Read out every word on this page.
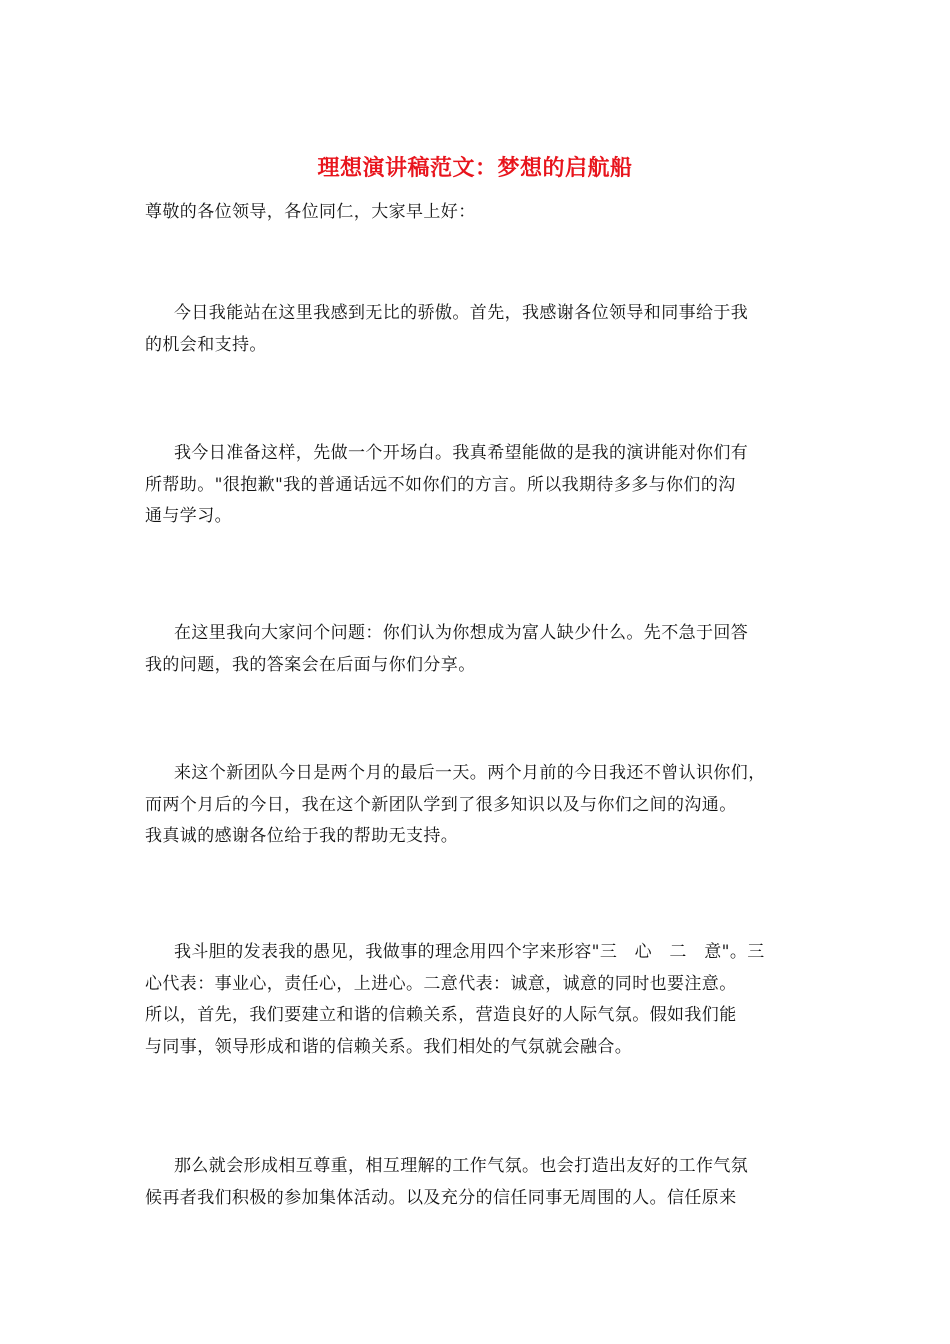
理想演讲稿范文：梦想的启航船

尊敬的各位领导，各位同仁，大家早上好：

今日我能站在这里我感到无比的骄傲。首先，我感谢各位领导和同事给于我
的机会和支持。

我今日准备这样，先做一个开场白。我真希望能做的是我的演讲能对你们有
所帮助。"很抱歉"我的普通话远不如你们的方言。所以我期待多多与你们的沟
通与学习。

在这里我向大家问个问题：你们认为你想成为富人缺少什么。先不急于回答
我的问题，我的答案会在后面与你们分享。

来这个新团队今日是两个月的最后一天。两个月前的今日我还不曾认识你们，
而两个月后的今日，我在这个新团队学到了很多知识以及与你们之间的沟通。
我真诚的感谢各位给于我的帮助无支持。

我斗胆的发表我的愚见，我做事的理念用四个字来形容"三　心　二　意"。三
心代表：事业心，责任心，上进心。二意代表：诚意，诚意的同时也要注意。
所以，首先，我们要建立和谐的信赖关系，营造良好的人际气氛。假如我们能
与同事，领导形成和谐的信赖关系。我们相处的气氛就会融合。

那么就会形成相互尊重，相互理解的工作气氛。也会打造出友好的工作气氛
候再者我们积极的参加集体活动。以及充分的信任同事无周围的人。信任原来
